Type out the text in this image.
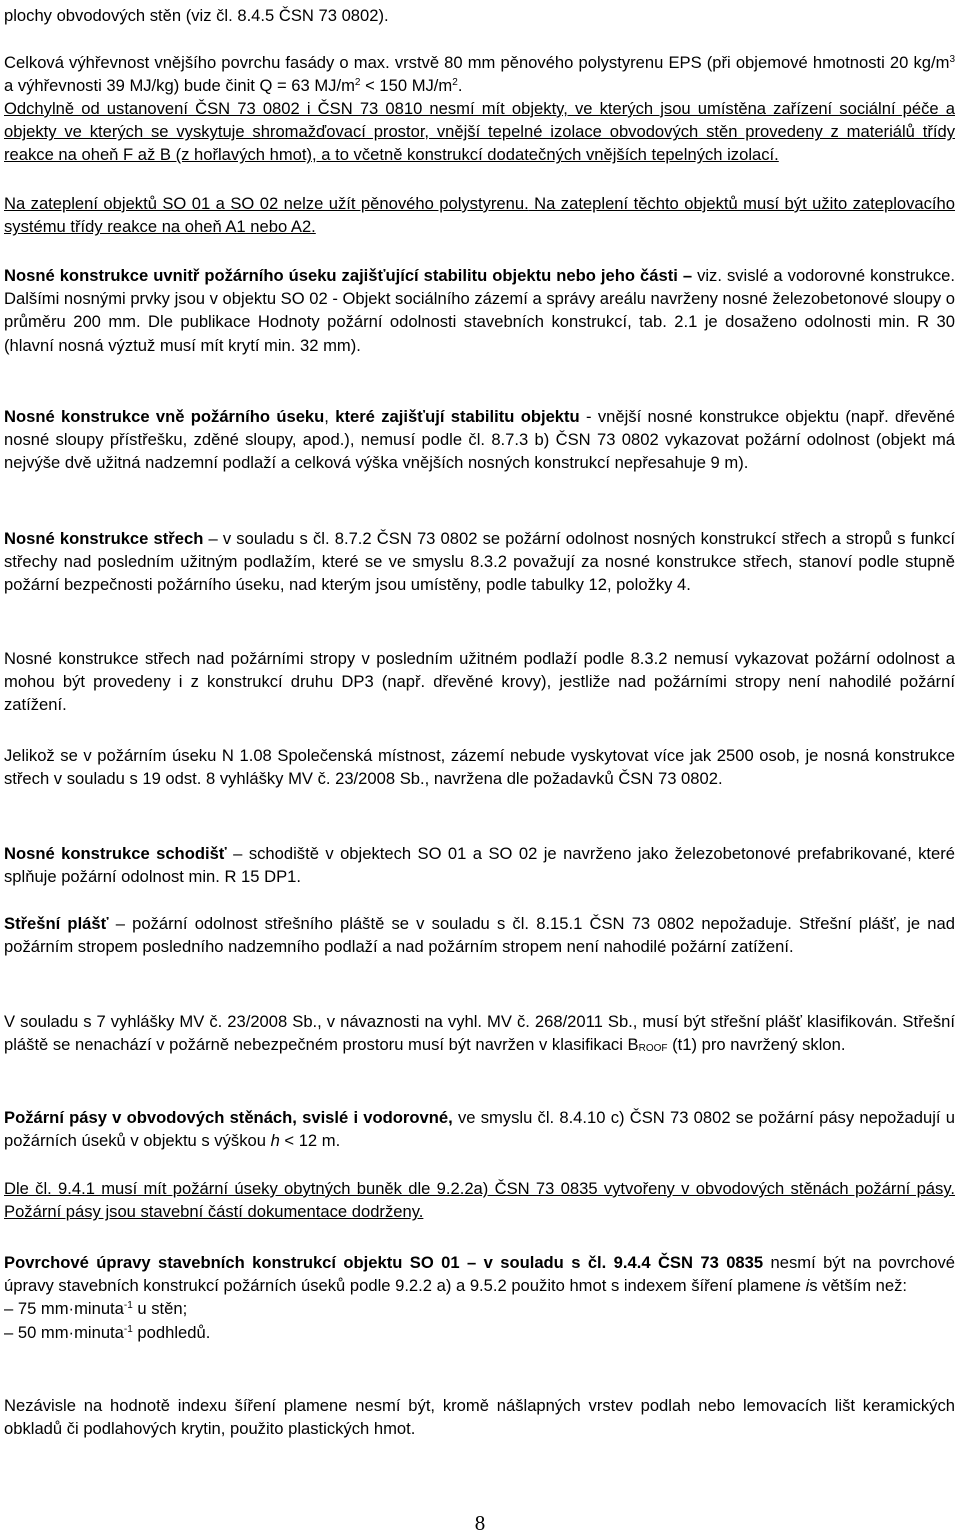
plochy obvodových stěn (viz čl. 8.4.5 ČSN 73 0802).

Celková výhřevnost vnějšího povrchu fasády o max. vrstvě 80 mm pěnového polystyrenu EPS (při objemové hmotnosti 20 $kg/m^3$ a výhřevnosti 39 MJ/kg) bude činit Q = 63 $MJ/m^2 < 150$ $MJ/m^2$.

Odchylně od ustanovení ČSN 73 0802 i ČSN 73 0810 nesmí mít objekty, ve kterých jsou umístěna zařízení sociální péče a objekty ve kterých se vyskytuje shromažďovací prostor, vnější tepelné izolace obvodových stěn provedeny z materiálů třídy reakce na oheň F až B (z hořlavých hmot), a to včetně konstrukcí dodatečných vnějších tepelných izolací.

Na zateplení objektů SO 01 a SO 02 nelze užít pěnového polystyrenu. Na zateplení těchto objektů musí být užito zateplovacího systému třídy reakce na oheň A1 nebo A2.

Nosné konstrukce uvnitř požárního úseku zajišťující stabilitu objektu nebo jeho části – viz. svislé a vodorovné konstrukce. Dalšími nosnými prvky jsou v objektu SO 02 - Objekt sociálního zázemí a správy areálu navrženy nosné železobetonové sloupy o průměru 200 mm. Dle publikace Hodnoty požární odolnosti stavebních konstrukcí, tab. 2.1 je dosaženo odolnosti min. R 30 (hlavní nosná výztuž musí mít krytí min. 32 mm).

Nosné konstrukce vně požárního úseku, které zajišťují stabilitu objektu - vnější nosné konstrukce objektu (např. dřevěné nosné sloupy přístřešku, zděné sloupy, apod.), nemusí podle čl. 8.7.3 b) ČSN 73 0802 vykazovat požární odolnost (objekt má nejvýše dvě užitná nadzemní podlaží a celková výška vnějších nosných konstrukcí nepřesahuje 9 m).

Nosné konstrukce střech – v souladu s čl. 8.7.2 ČSN 73 0802 se požární odolnost nosných konstrukcí střech a stropů s funkcí střechy nad posledním užitným podlažím, které se ve smyslu 8.3.2 považují za nosné konstrukce střech, stanoví podle stupně požární bezpečnosti požárního úseku, nad kterým jsou umístěny, podle tabulky 12, položky 4.

Nosné konstrukce střech nad požárními stropy v posledním užitném podlaží podle 8.3.2 nemusí vykazovat požární odolnost a mohou být provedeny i z konstrukcí druhu DP3 (např. dřevěné krovy), jestliže nad požárními stropy není nahodilé požární zatížení.

Jelikož se v požárním úseku N 1.08 Společenská místnost, zázemí nebude vyskytovat více jak 2500 osob, je nosná konstrukce střech v souladu s 19 odst. 8 vyhlášky MV č. 23/2008 Sb., navržena dle požadavků ČSN 73 0802.

Nosné konstrukce schodišť – schodiště v objektech SO 01 a SO 02 je navrženo jako železobetonové prefabrikované, které splňuje požární odolnost min. R 15 DP1.

Střešní plášť – požární odolnost střešního pláště se v souladu s čl. 8.15.1 ČSN 73 0802 nepožaduje. Střešní plášť, je nad požárním stropem posledního nadzemního podlaží a nad požárním stropem není nahodilé požární zatížení.

V souladu s 7 vyhlášky MV č. 23/2008 Sb., v návaznosti na vyhl. MV č. 268/2011 Sb., musí být střešní plášť klasifikován. Střešní pláště se nenachází v požárně nebezpečném prostoru musí být navržen v klasifikaci $B_{ROOF}$ (t1) pro navržený sklon.

Požární pásy v obvodových stěnách, svislé i vodorovné, ve smyslu čl. 8.4.10 c) ČSN 73 0802 se požární pásy nepožadují u požárních úseků v objektu s výškou h < 12 m.

Dle čl. 9.4.1 musí mít požární úseky obytných buněk dle 9.2.2a) ČSN 73 0835 vytvořeny v obvodových stěnách požární pásy. Požární pásy jsou stavební částí dokumentace dodrženy.

Povrchové úpravy stavebních konstrukcí objektu SO 01 – v souladu s čl. 9.4.4 ČSN 73 0835 nesmí být na povrchové úpravy stavebních konstrukcí požárních úseků podle 9.2.2 a) a 9.5.2 použito hmot s indexem šíření plamene is větším než:
– 75 mm·minuta$^{-1}$ u stěn;
– 50 mm·minuta$^{-1}$ podhledů.

Nezávisle na hodnotě indexu šíření plamene nesmí být, kromě nášlapných vrstev podlah nebo lemovacích lišt keramických obkladů či podlahových krytin, použito plastických hmot.

8
